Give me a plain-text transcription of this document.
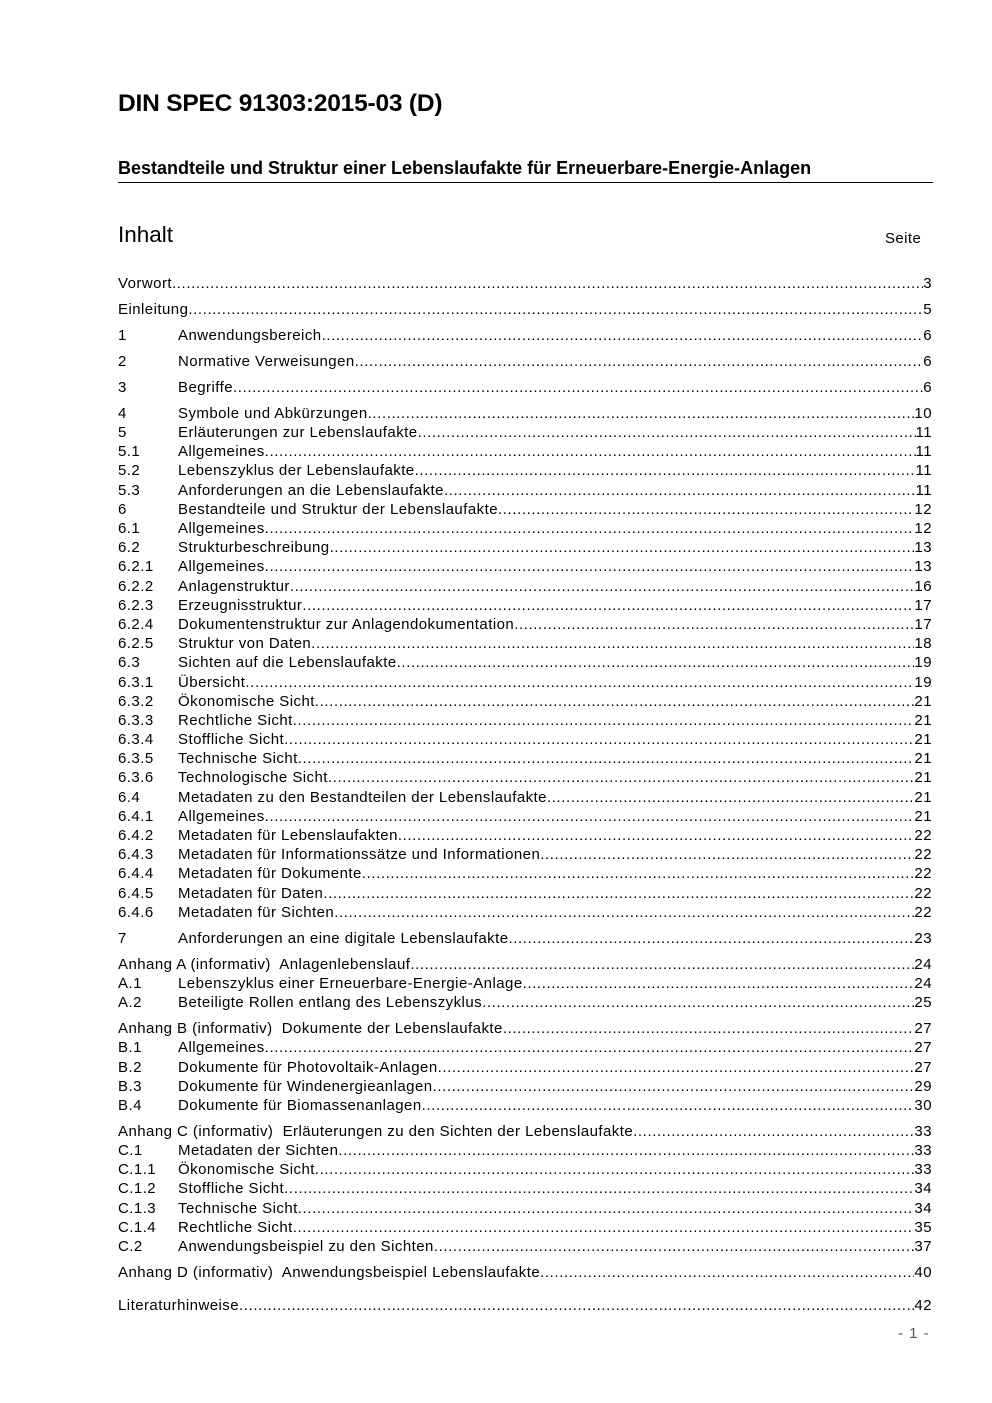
DIN SPEC 91303:2015-03 (D)
Bestandteile und Struktur einer Lebenslaufakte für Erneuerbare-Energie-Anlagen
Inhalt	Seite
Vorwort .....	3
Einleitung .....	5
1	Anwendungsbereich .....	6
2	Normative Verweisungen .....	6
3	Begriffe .....	6
4	Symbole und Abkürzungen .....	10
5	Erläuterungen zur Lebenslaufakte .....	11
5.1	Allgemeines .....	11
5.2	Lebenszyklus der Lebenslaufakte .....	11
5.3	Anforderungen an die Lebenslaufakte .....	11
6	Bestandteile und Struktur der Lebenslaufakte .....	12
6.1	Allgemeines .....	12
6.2	Strukturbeschreibung .....	13
6.2.1	Allgemeines .....	13
6.2.2	Anlagenstruktur .....	16
6.2.3	Erzeugnisstruktur .....	17
6.2.4	Dokumentenstruktur zur Anlagendokumentation .....	17
6.2.5	Struktur von Daten .....	18
6.3	Sichten auf die Lebenslaufakte .....	19
6.3.1	Übersicht .....	19
6.3.2	Ökonomische Sicht .....	21
6.3.3	Rechtliche Sicht .....	21
6.3.4	Stoffliche Sicht .....	21
6.3.5	Technische Sicht .....	21
6.3.6	Technologische Sicht .....	21
6.4	Metadaten zu den Bestandteilen der Lebenslaufakte .....	21
6.4.1	Allgemeines .....	21
6.4.2	Metadaten für Lebenslaufakten .....	22
6.4.3	Metadaten für Informationssätze und Informationen .....	22
6.4.4	Metadaten für Dokumente .....	22
6.4.5	Metadaten für Daten .....	22
6.4.6	Metadaten für Sichten .....	22
7	Anforderungen an eine digitale Lebenslaufakte .....	23
Anhang A (informativ)  Anlagenlebenslauf .....	24
A.1	Lebenszyklus einer Erneuerbare-Energie-Anlage .....	24
A.2	Beteiligte Rollen entlang des Lebenszyklus .....	25
Anhang B (informativ)  Dokumente der Lebenslaufakte .....	27
B.1	Allgemeines .....	27
B.2	Dokumente für Photovoltaik-Anlagen .....	27
B.3	Dokumente für Windenergieanlagen .....	29
B.4	Dokumente für Biomassenanlagen .....	30
Anhang C (informativ)  Erläuterungen zu den Sichten der Lebenslaufakte .....	33
C.1	Metadaten der Sichten .....	33
C.1.1	Ökonomische Sicht .....	33
C.1.2	Stoffliche Sicht .....	34
C.1.3	Technische Sicht .....	34
C.1.4	Rechtliche Sicht .....	35
C.2	Anwendungsbeispiel zu den Sichten .....	37
Anhang D (informativ)  Anwendungsbeispiel Lebenslaufakte .....	40
Literaturhinweise .....	42
- 1 -
